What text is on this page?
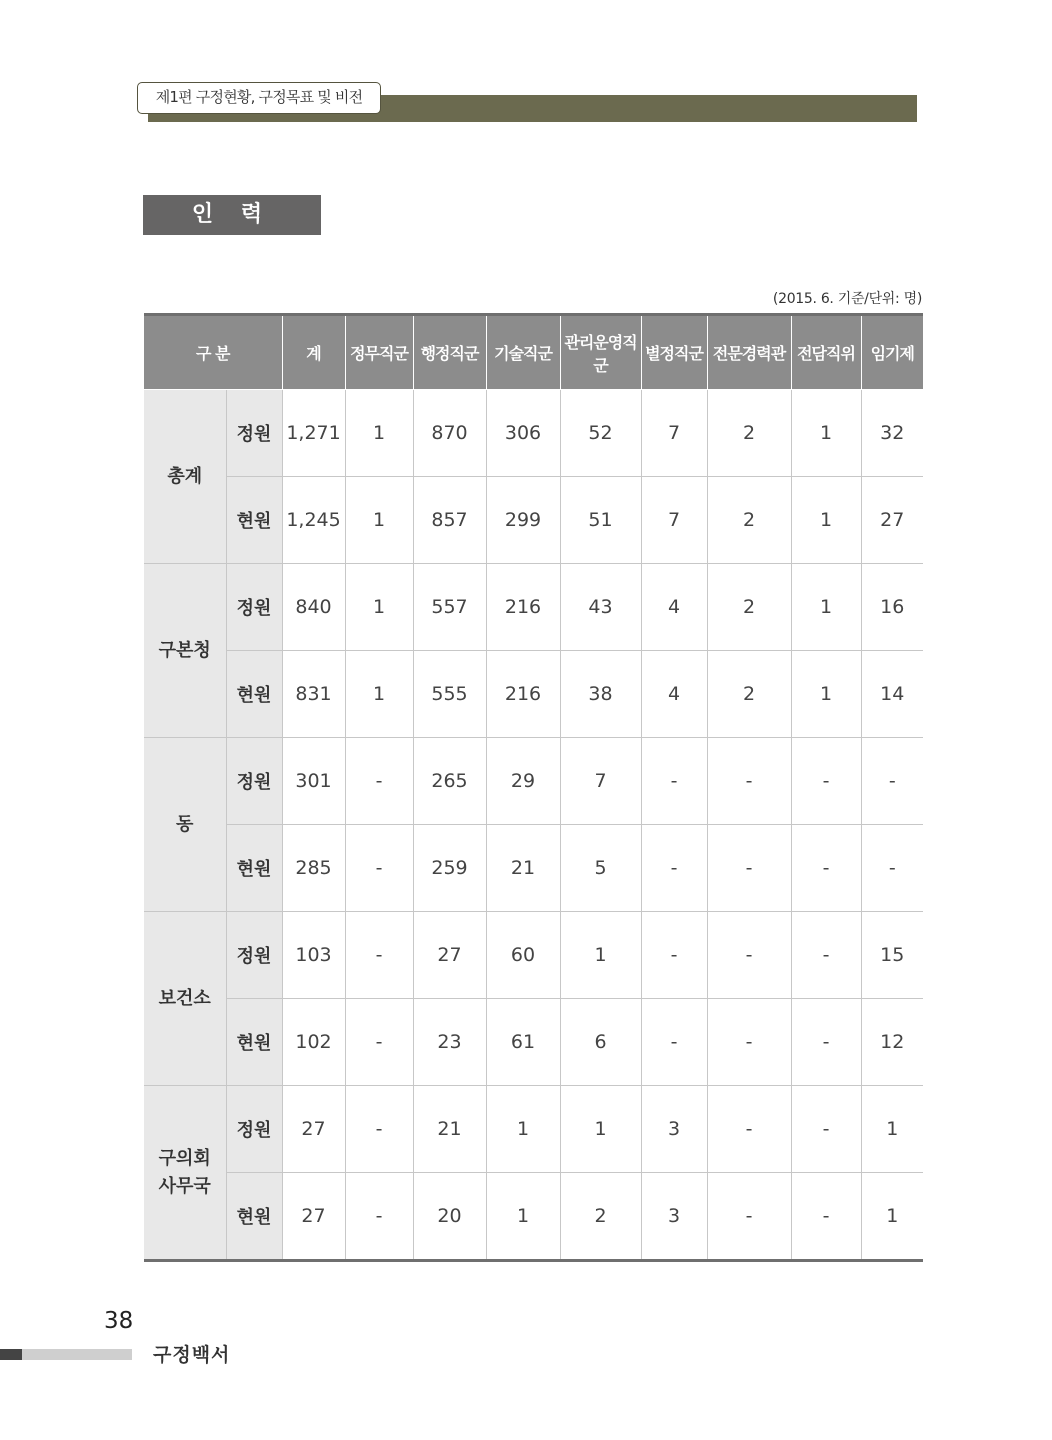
제1편 구정현황, 구정목표 및 비전
인 력
(2015. 6. 기준/단위: 명)
구 분		계	정무직군	행정직군	기술직군	관리운영직군	별정직군	전문경력관	전담직위	임기제
총계	정원	1,271	1	870	306	52	7	2	1	32
	현원	1,245	1	857	299	51	7	2	1	27
구본청	정원	840	1	557	216	43	4	2	1	16
	현원	831	1	555	216	38	4	2	1	14
동	정원	301	-	265	29	7	-	-	-	-
	현원	285	-	259	21	5	-	-	-	-
보건소	정원	103	-	27	60	1	-	-	-	15
	현원	102	-	23	61	6	-	-	-	12
구의회
사무국	정원	27	-	21	1	1	3	-	-	1
	현원	27	-	20	1	2	3	-	-	1
38
구정백서
